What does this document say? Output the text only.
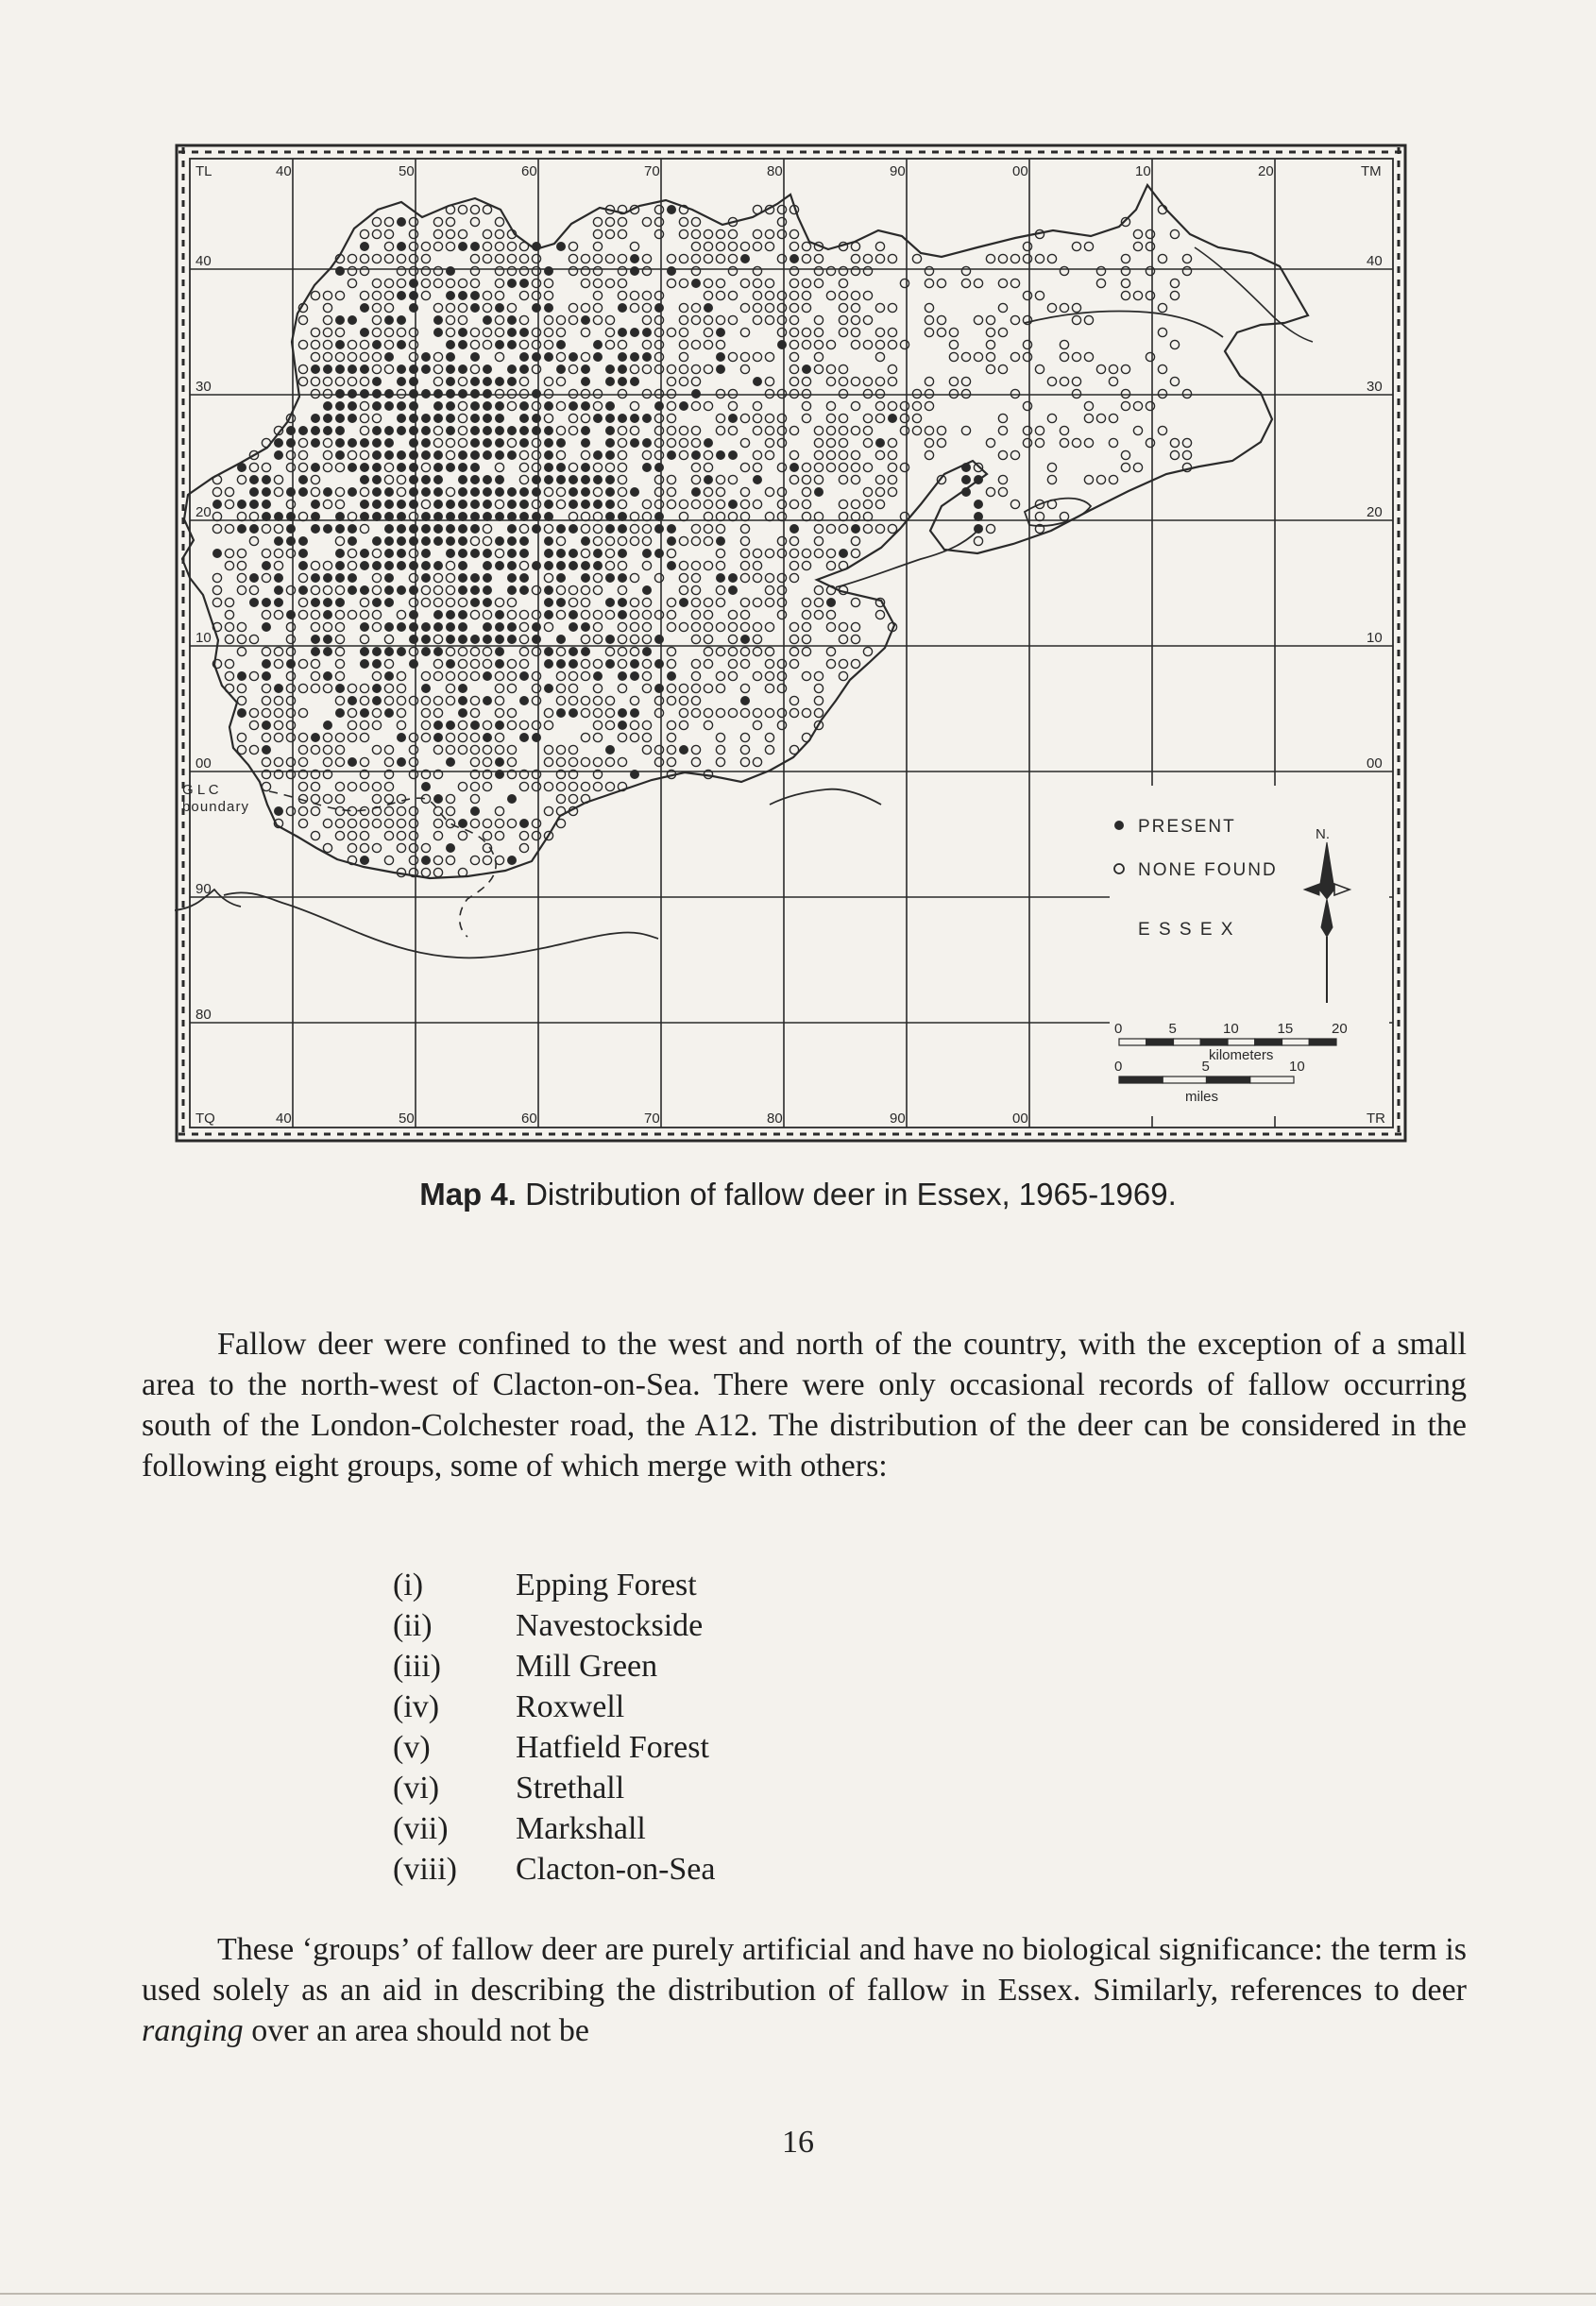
TL	TM
TQ	TR
40	50	60	70	80	90	00	10	20
40	50	60	70	80	90	00
40
30
20
10
00
90
80
40
30
20
10
00
G L C
boundary
PRESENT
NONE FOUND
E S S E X
N.
0	5	10	15	20
kilometers
0	5	10
miles
Map 4. Distribution of fallow deer in Essex, 1965-1969.
Fallow deer were confined to the west and north of the country, with the exception of a small area to the north-west of Clacton-on-Sea. There were only occasional records of fallow occurring south of the London-Colchester road, the A12. The distribution of the deer can be considered in the following eight groups, some of which merge with others:
(i)	Epping Forest
(ii)	Navestockside
(iii)	Mill Green
(iv)	Roxwell
(v)	Hatfield Forest
(vi)	Strethall
(vii)	Markshall
(viii)	Clacton-on-Sea
These ‘groups’ of fallow deer are purely artificial and have no biological significance: the term is used solely as an aid in describing the distribution of fallow in Essex. Similarly, references to deer ranging over an area should not be
16
